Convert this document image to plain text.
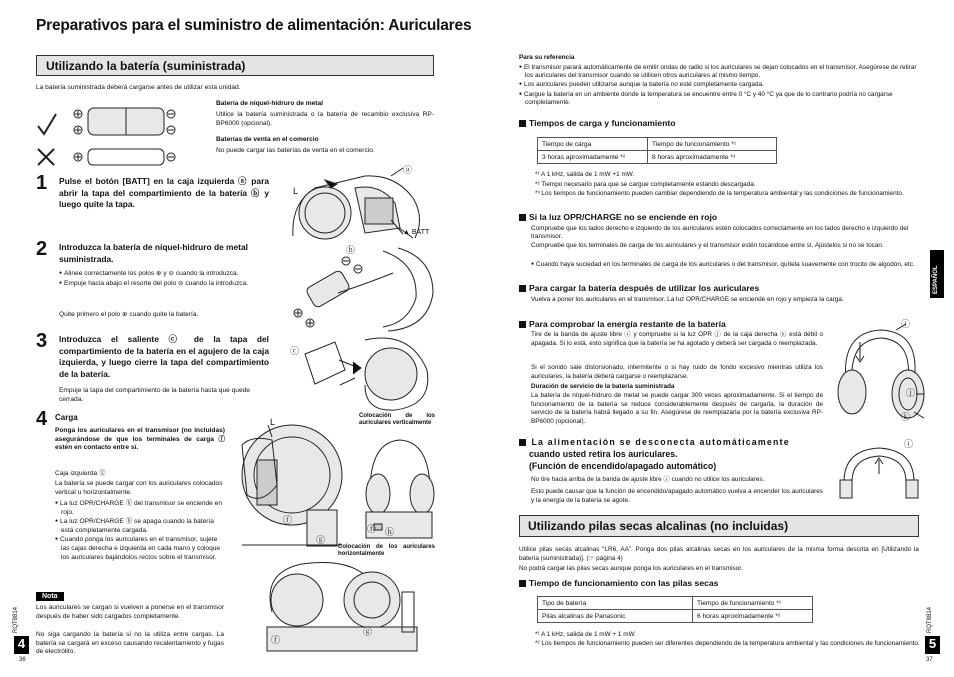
Preparativos para el suministro de alimentación: Auriculares
Utilizando la batería (suministrada)
La batería suministrada deberá cargarse antes de utilizar esta unidad.
Batería de níquel-hidruro de metal
Utilice la batería suministrada o la batería de recambio exclusiva RP-BP6000 (opcional).
Baterías de venta en el comercio
No puede cargar las baterías de venta en el comercio.
1 Pulse el botón [BATT] en la caja izquierda ⓐ para abrir la tapa del compartimiento de la batería ⓑ y luego quite la tapa.
2 Introduzca la batería de níquel-hidruro de metal suministrada.
● Alinee correctamente los polos ⊕ y ⊖ cuando la introduzca.
● Empuje hacia abajo el resorte del polo ⊖ cuando la introduzca.
Quite primero el polo ⊕ cuando quite la batería.
3 Introduzca el saliente ⓒ de la tapa del compartimiento de la batería en el agujero de la caja izquierda, y luego cierre la tapa del compartimiento de la batería.
Empuje la tapa del compartimiento de la batería hasta que quede cerrada.
4 Carga
Ponga los auriculares en el transmisor (no incluidas) asegurándose de que los terminales de carga ⓕ estén en contacto entre sí.
Caja izquierda ⓖ
La batería se puede cargar con los auriculares colocados vertical u horizontalmente.
● La luz OPR/CHARGE ⓗ del transmisor se enciende en rojo.
● La luz OPR/CHARGE ⓗ se apaga cuando la batería está completamente cargada.
● Cuando ponga los auriculares en el transmisor, sujete las cajas derecha e izquierda en cada mano y coloque los auriculares bajándolos rectos sobre el transmisor.
Nota
Los auriculares se cargan si vuelven a ponerse en el transmisor después de haber sido cargados completamente.
No siga cargando la batería si no la utiliza entre cargas. La batería se cargará en exceso causando recalentamiento y fugas de electrólito.
4
36
RQT8814
ⓐ
L
▲ BATT
ⓑ
ⓒ
L
ⓕ
ⓖ
Colocación de los auriculares verticalmente
ⓕ ⓗ
Colocación de los auriculares horizontalmente
ⓕ
ⓖ
Para su referencia
● El transmisor parará automáticamente de emitir ondas de radio si los auriculares se dejan colocados en el transmisor. Asegúrese de retirar los auriculares del transmisor cuando se utilicen otros auriculares al mismo tiempo.
● Los auriculares pueden utilizarse aunque la batería no esté completamente cargada.
● Cargue la batería en un ambiente donde la temperatura se encuentre entre 0 °C y 40 °C ya que de lo contrario podría no cargarse completamente.
Tiempos de carga y funcionamiento
Tiempo de carga	Tiempo de funcionamiento *¹
3 horas aproximadamente *²	8 horas aproximadamente *³
*¹ A 1 kHz, salida de 1 mW +1 mW.
*² Tiempo necesario para que se cargue completamente estando descargada.
*³ Los tiempos de funcionamiento pueden cambiar dependiendo de la temperatura ambiental y las condiciones de funcionamiento.
Si la luz OPR/CHARGE no se enciende en rojo
Compruebe que los lados derecho e izquierdo de los auriculares estén colocados correctamente en los lados derecho e izquierdo del transmisor.
Compruebe que los terminales de carga de los auriculares y el transmisor estén tocándose entre sí. Ajústelos si no se tocan.
● Cuando haya suciedad en los terminales de carga de los auriculares o del transmisor, quítela suavemente con trocito de algodón, etc.
Para cargar la batería después de utilizar los auriculares
Vuelva a poner los auriculares en el transmisor. La luz OPR/CHARGE se enciende en rojo y empieza la carga.
Para comprobar la energía restante de la batería
Tire de la banda de ajuste libre ⓘ y compruebe si la luz OPR ⓙ de la caja derecha ⓚ está débil o apagada. Si lo está, esto significa que la batería se ha agotado y deberá ser cargada o reemplazada.
Si el sonido sale distorsionado, intermitente o si hay ruido de fondo excesivo mientras utiliza los auriculares, la batería deberá cargarse o reemplazarse.
Duración de servicio de la batería suministrada
La batería de níquel-hidruro de metal se puede cargar 300 veces aproximadamente. Si el tiempo de funcionamiento de la batería se reduce considerablemente después de cargarla, la duración de servicio de la batería habrá llegado a su fin. Asegúrese de reemplazarla por la batería exclusiva RP-BP6000 (opcional).
ⓘ
ⓙ
ⓚ
La alimentación se desconecta automáticamente
cuando usted retira los auriculares.
(Función de encendido/apagado automático)
No tire hacia arriba de la banda de ajuste libre ⓘ cuando no utilice los auriculares.
Esto puede causar que la función de encendido/apagado automático vuelva a encender los auriculares y la energía de la batería se agote.
ⓘ
Utilizando pilas secas alcalinas (no incluidas)
Utilice pilas secas alcalinas “LR6, AA”. Ponga dos pilas alcalinas secas en los auriculares de la misma forma descrita en [Utilizando la batería (suministrada)]. (☞ página 4)
No podrá cargar las pilas secas aunque ponga los auriculares en el transmisor.
Tiempo de funcionamiento con las pilas secas
Tipo de batería	Tiempo de funcionamiento *¹
Pilas alcalinas de Panasonic	6 horas aproximadamente *²
*¹ A 1 kHz, salida de 1 mW + 1 mW.
*² Los tiempos de funcionamiento pueden ser diferentes dependiendo de la temperatura ambiental y las condiciones de funcionamiento.
ESPAÑOL
RQT8814
5
37
